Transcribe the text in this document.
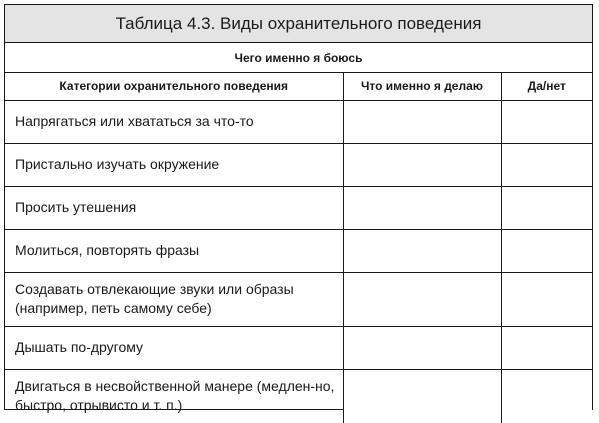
Таблица 4.3. Виды охранительного поведения
Чего именно я боюсь
Категории охранительного поведения	Что именно я делаю	Да/нет
Напрягаться или хвататься за что-то		
Пристально изучать окружение		
Просить утешения		
Молиться, повторять фразы		
Создавать отвлекающие звуки или образы (например, петь самому себе)		
Дышать по-другому		
Двигаться в несвойственной манере (медлен-но, быстро, отрывисто и т. п.)		
